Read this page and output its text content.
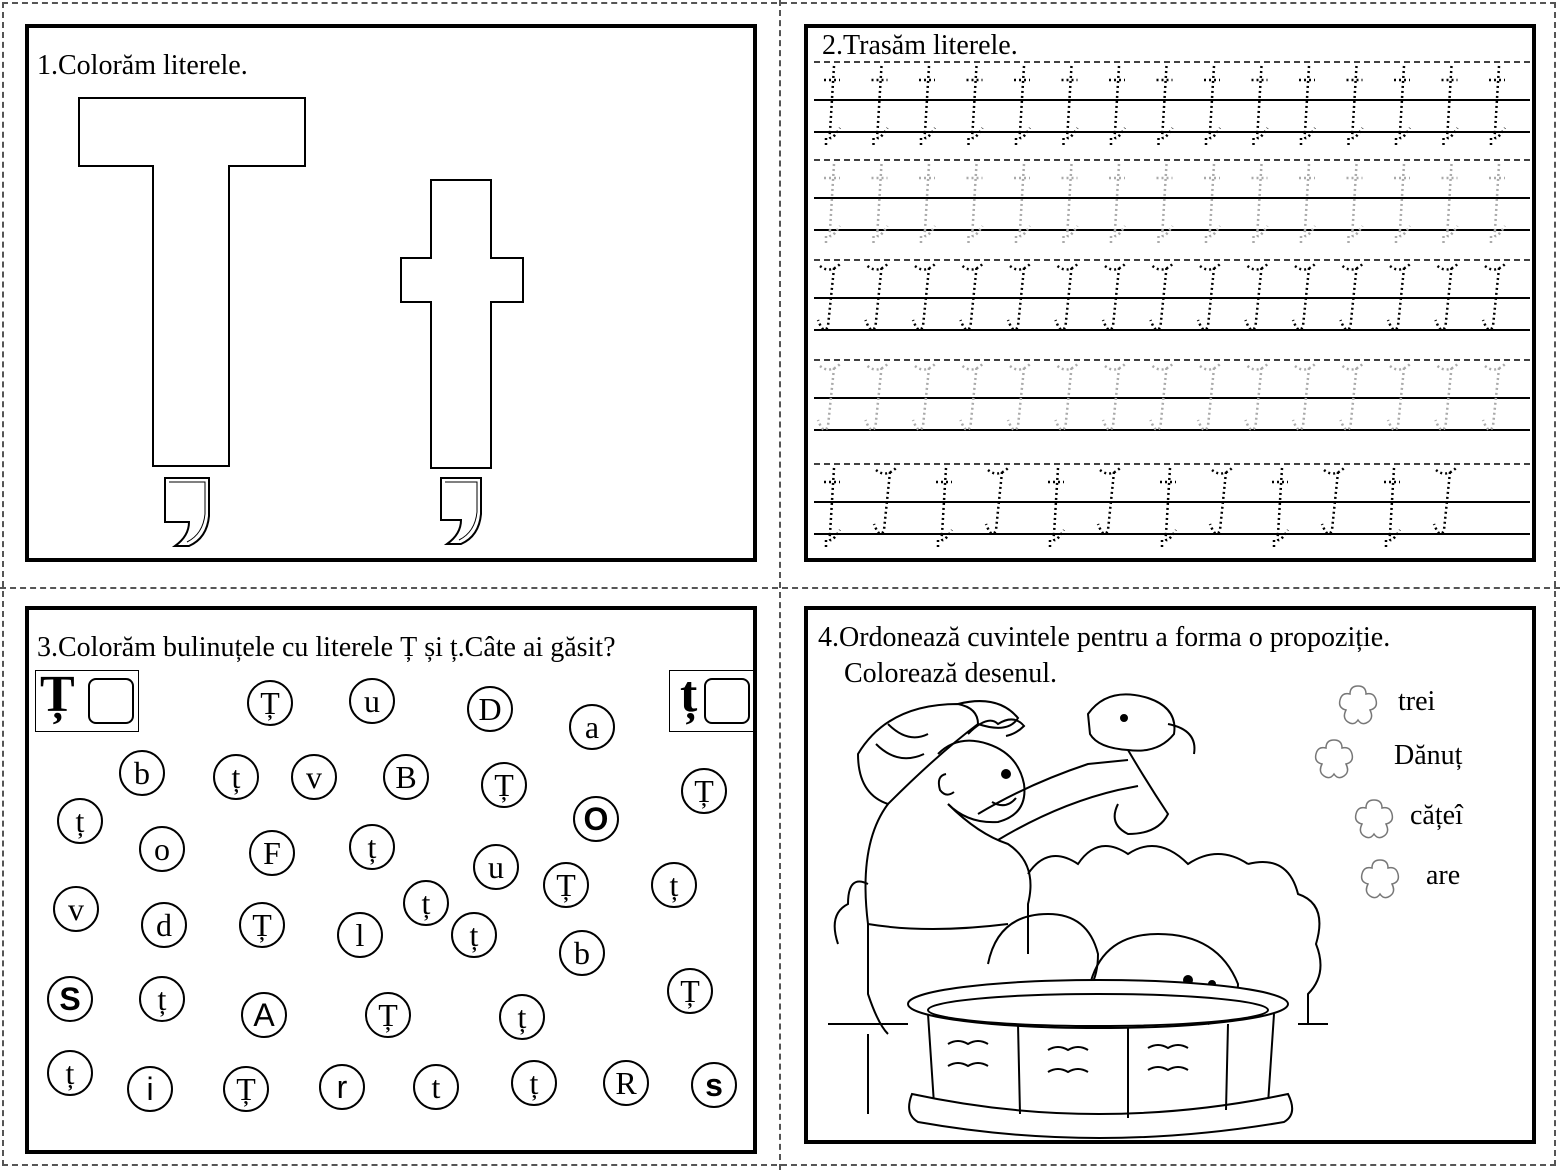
1.Colorăm literele.
2.Trasăm literele.
3.Colorăm bulinuțele cu literele Ț și ț.Câte ai găsit?
Ț	ț
Ț	u	D	a
b	ț	v	B	Ț	Ț
ț
o	F	ț
O
u	Ț	ț
v	d	Ț	l
ț
ț	b
S	ț	A	Ț	ț
Ț
ț	i	Ț	r	t	ț	R	s
4.Ordonează cuvintele pentru a forma o propoziție.
Colorează desenul.
trei
Dănuț
cățeî
are
